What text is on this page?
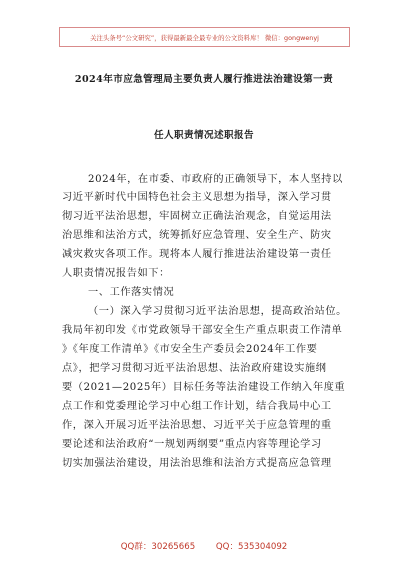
关注头条号“公文研究”，获得最新最全最专业的公文资料库！ 微信：gongwenyj
2024年市应急管理局主要负责人履行推进法治建设第一责
任人职责情况述职报告
2024年，在市委、市政府的正确领导下，本人坚持以
习近平新时代中国特色社会主义思想为指导，深入学习贯
彻习近平法治思想，牢固树立正确法治观念，自觉运用法
治思维和法治方式，统筹抓好应急管理、安全生产、防灾
减灾救灾各项工作。现将本人履行推进法治建设第一责任
人职责情况报告如下：
一、工作落实情况
（一）深入学习贯彻习近平法治思想，提高政治站位。
我局年初印发《市党政领导干部安全生产重点职责工作清单
》《年度工作清单》《市安全生产委员会2024年工作要
点》，把学习贯彻习近平法治思想、法治政府建设实施纲
要（2021—2025年）目标任务等法治建设工作纳入年度重
点工作和党委理论学习中心组工作计划，结合我局中心工
作，深入开展习近平法治思想、习近平关于应急管理的重
要论述和法治政府“一规划两纲要”重点内容等理论学习
切实加强法治建设，用法治思维和法治方式提高应急管理
QQ群：30265665 QQ：535304092
